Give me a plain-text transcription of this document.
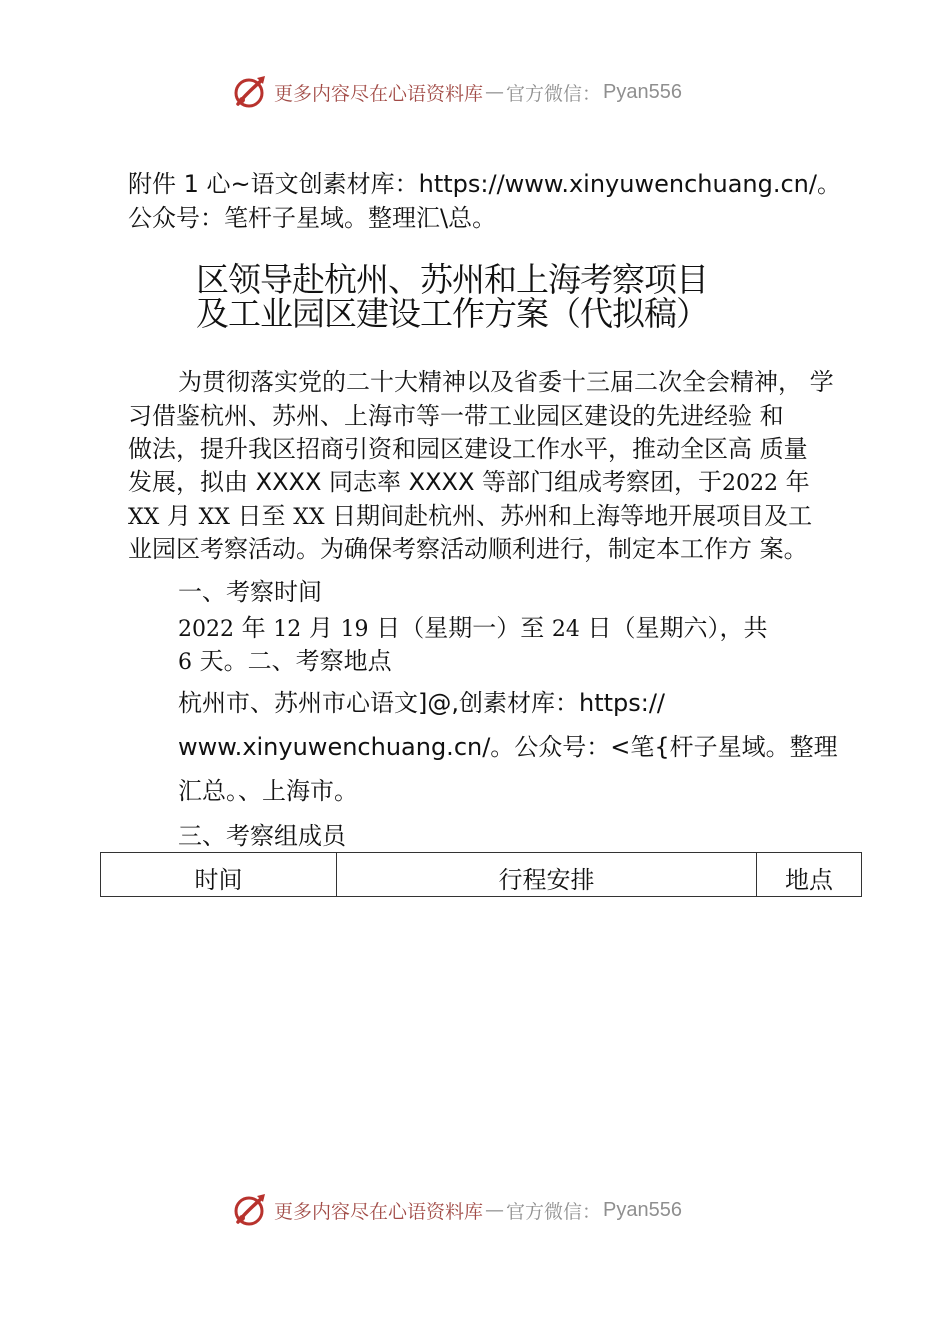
更多内容尽在心语资料库 — 官方微信： Pyan556
附件 1 心~语文创素材库：https://www.xinyuwenchuang.cn/。
公众号：笔杆子星域。整理汇\总。
区领导赴杭州、苏州和上海考察项目
及工业园区建设工作方案（代拟稿）
为贯彻落实党的二十大精神以及省委十三届二次全会精神， 学
习借鉴杭州、苏州、上海市等一带工业园区建设的先进经验 和
做法，提升我区招商引资和园区建设工作水平，推动全区高 质量
发展，拟由 XXXX 同志率 XXXX 等部门组成考察团，于2022 年
XX 月 XX 日至 XX 日期间赴杭州、苏州和上海等地开展项目及工
业园区考察活动。为确保考察活动顺利进行，制定本工作方 案。
一、考察时间
2022 年 12 月 19 日（星期一）至 24 日（星期六），共
6 天。二、考察地点
杭州市、苏州市心语文]@,创素材库：https://
www.xinyuwenchuang.cn/。公众号：<笔{杆子星域。整理
汇总。、上海市。
三、考察组成员
时间	行程安排	地点
更多内容尽在心语资料库 — 官方微信： Pyan556
